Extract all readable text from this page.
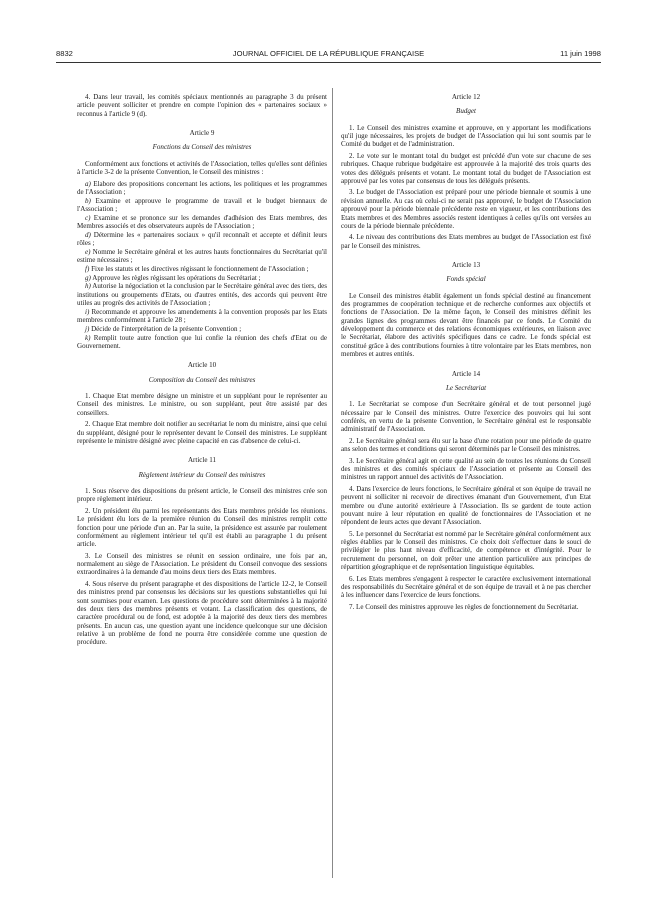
8832	JOURNAL OFFICIEL DE LA RÉPUBLIQUE FRANÇAISE	11 juin 1998

4. Dans leur travail, les comités spéciaux mentionnés au paragraphe 3 du présent article peuvent solliciter et prendre en compte l'opinion des « partenaires sociaux » reconnus à l'article 9 (d).

Article 9
Fonctions du Conseil des ministres

Conformément aux fonctions et activités de l'Association, telles qu'elles sont définies à l'article 3-2 de la présente Convention, le Conseil des ministres :

a) Elabore des propositions concernant les actions, les politiques et les programmes de l'Association ;

b) Examine et approuve le programme de travail et le budget biennaux de l'Association ;

c) Examine et se prononce sur les demandes d'adhésion des Etats membres, des Membres associés et des observateurs auprès de l'Association ;

d) Détermine les « partenaires sociaux » qu'il reconnaît et accepte et définit leurs rôles ;

e) Nomme le Secrétaire général et les autres hauts fonctionnaires du Secrétariat qu'il estime nécessaires ;

f) Fixe les statuts et les directives régissant le fonctionnement de l'Association ;

g) Approuve les règles régissant les opérations du Secrétariat ;

h) Autorise la négociation et la conclusion par le Secrétaire général avec des tiers, des institutions ou groupements d'Etats, ou d'autres entités, des accords qui peuvent être utiles au progrès des activités de l'Association ;

i) Recommande et approuve les amendements à la convention proposés par les Etats membres conformément à l'article 28 ;

j) Décide de l'interprétation de la présente Convention ;

k) Remplit toute autre fonction que lui confie la réunion des chefs d'Etat ou de Gouvernement.

Article 10
Composition du Conseil des ministres

1. Chaque Etat membre désigne un ministre et un suppléant pour le représenter au Conseil des ministres. Le ministre, ou son suppléant, peut être assisté par des conseillers.

2. Chaque Etat membre doit notifier au secrétariat le nom du ministre, ainsi que celui du suppléant, désigné pour le représenter devant le Conseil des ministres. Le suppléant représente le ministre désigné avec pleine capacité en cas d'absence de celui-ci.

Article 11
Règlement intérieur du Conseil des ministres

1. Sous réserve des dispositions du présent article, le Conseil des ministres crée son propre règlement intérieur.

2. Un président élu parmi les représentants des Etats membres préside les réunions. Le président élu lors de la première réunion du Conseil des ministres remplit cette fonction pour une période d'un an. Par la suite, la présidence est assurée par roulement conformément au règlement intérieur tel qu'il est établi au paragraphe 1 du présent article.

3. Le Conseil des ministres se réunit en session ordinaire, une fois par an, normalement au siège de l'Association. Le président du Conseil convoque des sessions extraordinaires à la demande d'au moins deux tiers des Etats membres.

4. Sous réserve du présent paragraphe et des dispositions de l'article 12-2, le Conseil des ministres prend par consensus les décisions sur les questions substantielles qui lui sont soumises pour examen. Les questions de procédure sont déterminées à la majorité des deux tiers des membres présents et votant. La classification des questions, de caractère procédural ou de fond, est adoptée à la majorité des deux tiers des membres présents. En aucun cas, une question ayant une incidence quelconque sur une décision relative à un problème de fond ne pourra être considérée comme une question de procédure.

Article 12
Budget

1. Le Conseil des ministres examine et approuve, en y apportant les modifications qu'il juge nécessaires, les projets de budget de l'Association qui lui sont soumis par le Comité du budget et de l'administration.

2. Le vote sur le montant total du budget est précédé d'un vote sur chacune de ses rubriques. Chaque rubrique budgétaire est approuvée à la majorité des trois quarts des votes des délégués présents et votant. Le montant total du budget de l'Association est approuvé par les votes par consensus de tous les délégués présents.

3. Le budget de l'Association est préparé pour une période biennale et soumis à une révision annuelle. Au cas où celui-ci ne serait pas approuvé, le budget de l'Association approuvé pour la période biennale précédente reste en vigueur, et les contributions des Etats membres et des Membres associés restent identiques à celles qu'ils ont versées au cours de la période biennale précédente.

4. Le niveau des contributions des Etats membres au budget de l'Association est fixé par le Conseil des ministres.

Article 13
Fonds spécial

Le Conseil des ministres établit également un fonds spécial destiné au financement des programmes de coopération technique et de recherche conformes aux objectifs et fonctions de l'Association. De la même façon, le Conseil des ministres définit les grandes lignes des programmes devant être financés par ce fonds. Le Comité du développement du commerce et des relations économiques extérieures, en liaison avec le Secrétariat, élabore des activités spécifiques dans ce cadre. Le fonds spécial est constitué grâce à des contributions fournies à titre volontaire par les Etats membres, non membres et autres entités.

Article 14
Le Secrétariat

1. Le Secrétariat se compose d'un Secrétaire général et de tout personnel jugé nécessaire par le Conseil des ministres. Outre l'exercice des pouvoirs qui lui sont conférés, en vertu de la présente Convention, le Secrétaire général est le responsable administratif de l'Association.

2. Le Secrétaire général sera élu sur la base d'une rotation pour une période de quatre ans selon des termes et conditions qui seront déterminés par le Conseil des ministres.

3. Le Secrétaire général agit en cette qualité au sein de toutes les réunions du Conseil des ministres et des comités spéciaux de l'Association et présente au Conseil des ministres un rapport annuel des activités de l'Association.

4. Dans l'exercice de leurs fonctions, le Secrétaire général et son équipe de travail ne peuvent ni solliciter ni recevoir de directives émanant d'un Gouvernement, d'un Etat membre ou d'une autorité extérieure à l'Association. Ils se gardent de toute action pouvant nuire à leur réputation en qualité de fonctionnaires de l'Association et ne répondent de leurs actes que devant l'Association.

5. Le personnel du Secrétariat est nommé par le Secrétaire général conformément aux règles établies par le Conseil des ministres. Ce choix doit s'effectuer dans le souci de privilégier le plus haut niveau d'efficacité, de compétence et d'intégrité. Pour le recrutement du personnel, on doit prêter une attention particulière aux principes de répartition géographique et de représentation linguistique équitables.

6. Les Etats membres s'engagent à respecter le caractère exclusivement international des responsabilités du Secrétaire général et de son équipe de travail et à ne pas chercher à les influencer dans l'exercice de leurs fonctions.

7. Le Conseil des ministres approuve les règles de fonctionnement du Secrétariat.
